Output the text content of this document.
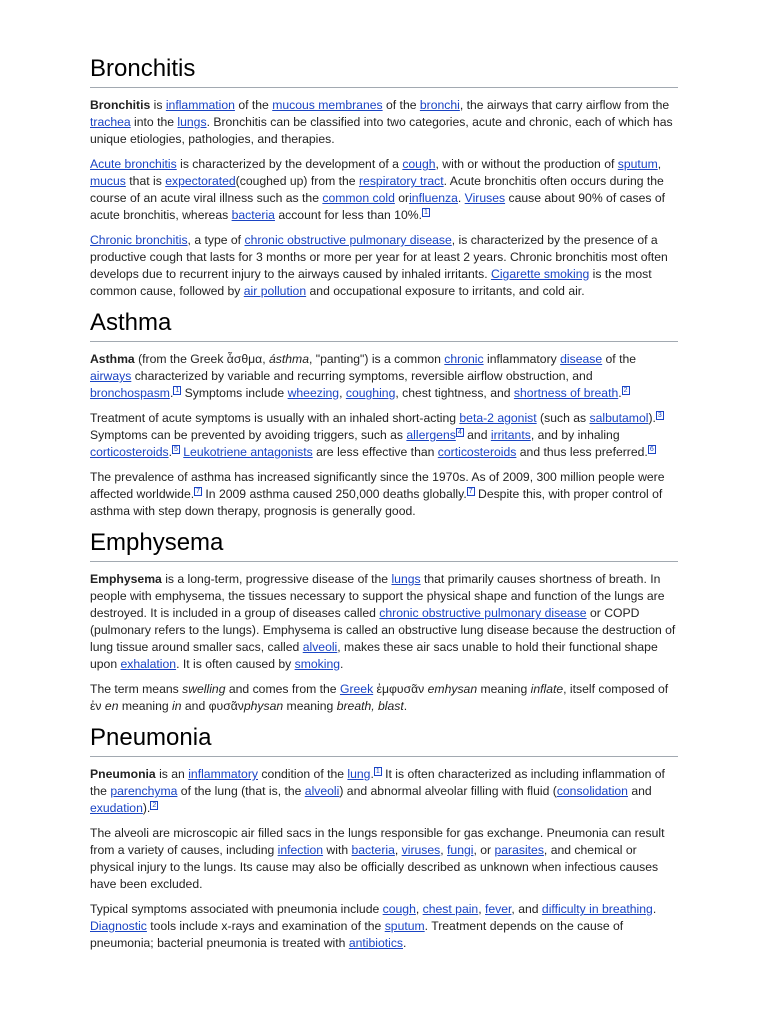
Bronchitis

Bronchitis is inflammation of the mucous membranes of the bronchi, the airways that carry airflow from the trachea into the lungs. Bronchitis can be classified into two categories, acute and chronic, each of which has unique etiologies, pathologies, and therapies.

Acute bronchitis is characterized by the development of a cough, with or without the production of sputum, mucus that is expectorated(coughed up) from the respiratory tract. Acute bronchitis often occurs during the course of an acute viral illness such as the common cold orinfluenza. Viruses cause about 90% of cases of acute bronchitis, whereas bacteria account for less than 10%. $^1$

Chronic bronchitis, a type of chronic obstructive pulmonary disease, is characterized by the presence of a productive cough that lasts for 3 months or more per year for at least 2 years. Chronic bronchitis most often develops due to recurrent injury to the airways caused by inhaled irritants. Cigarette smoking is the most common cause, followed by air pollution and occupational exposure to irritants, and cold air.

Asthma

Asthma (from the Greek ἆσθμα, ásthma, "panting") is a common chronic inflammatory disease of the airways characterized by variable and recurring symptoms, reversible airflow obstruction, and bronchospasm. $^1$ Symptoms include wheezing, coughing, chest tightness, and shortness of breath. $^2$

Treatment of acute symptoms is usually with an inhaled short-acting beta-2 agonist (such as salbutamol). $^3$ Symptoms can be prevented by avoiding triggers, such as allergens $^4$ and irritants, and by inhaling corticosteroids. $^5$ Leukotriene antagonists are less effective than corticosteroids and thus less preferred. $^6$

The prevalence of asthma has increased significantly since the 1970s. As of 2009, 300 million people were affected worldwide. $^7$ In 2009 asthma caused 250,000 deaths globally. $^7$ Despite this, with proper control of asthma with step down therapy, prognosis is generally good.

Emphysema

Emphysema is a long-term, progressive disease of the lungs that primarily causes shortness of breath. In people with emphysema, the tissues necessary to support the physical shape and function of the lungs are destroyed. It is included in a group of diseases called chronic obstructive pulmonary disease or COPD (pulmonary refers to the lungs). Emphysema is called an obstructive lung disease because the destruction of lung tissue around smaller sacs, called alveoli, makes these air sacs unable to hold their functional shape upon exhalation. It is often caused by smoking.

The term means swelling and comes from the Greek ἐμφυσᾶν emhysan meaning inflate, itself composed of ἐν en meaning in and φυσᾶνphysan meaning breath, blast.

Pneumonia

Pneumonia is an inflammatory condition of the lung. $^1$ It is often characterized as including inflammation of the parenchyma of the lung (that is, the alveoli) and abnormal alveolar filling with fluid (consolidation and exudation). $^2$

The alveoli are microscopic air filled sacs in the lungs responsible for gas exchange. Pneumonia can result from a variety of causes, including infection with bacteria, viruses, fungi, or parasites, and chemical or physical injury to the lungs. Its cause may also be officially described as unknown when infectious causes have been excluded.

Typical symptoms associated with pneumonia include cough, chest pain, fever, and difficulty in breathing. Diagnostic tools include x-rays and examination of the sputum. Treatment depends on the cause of pneumonia; bacterial pneumonia is treated with antibiotics.
